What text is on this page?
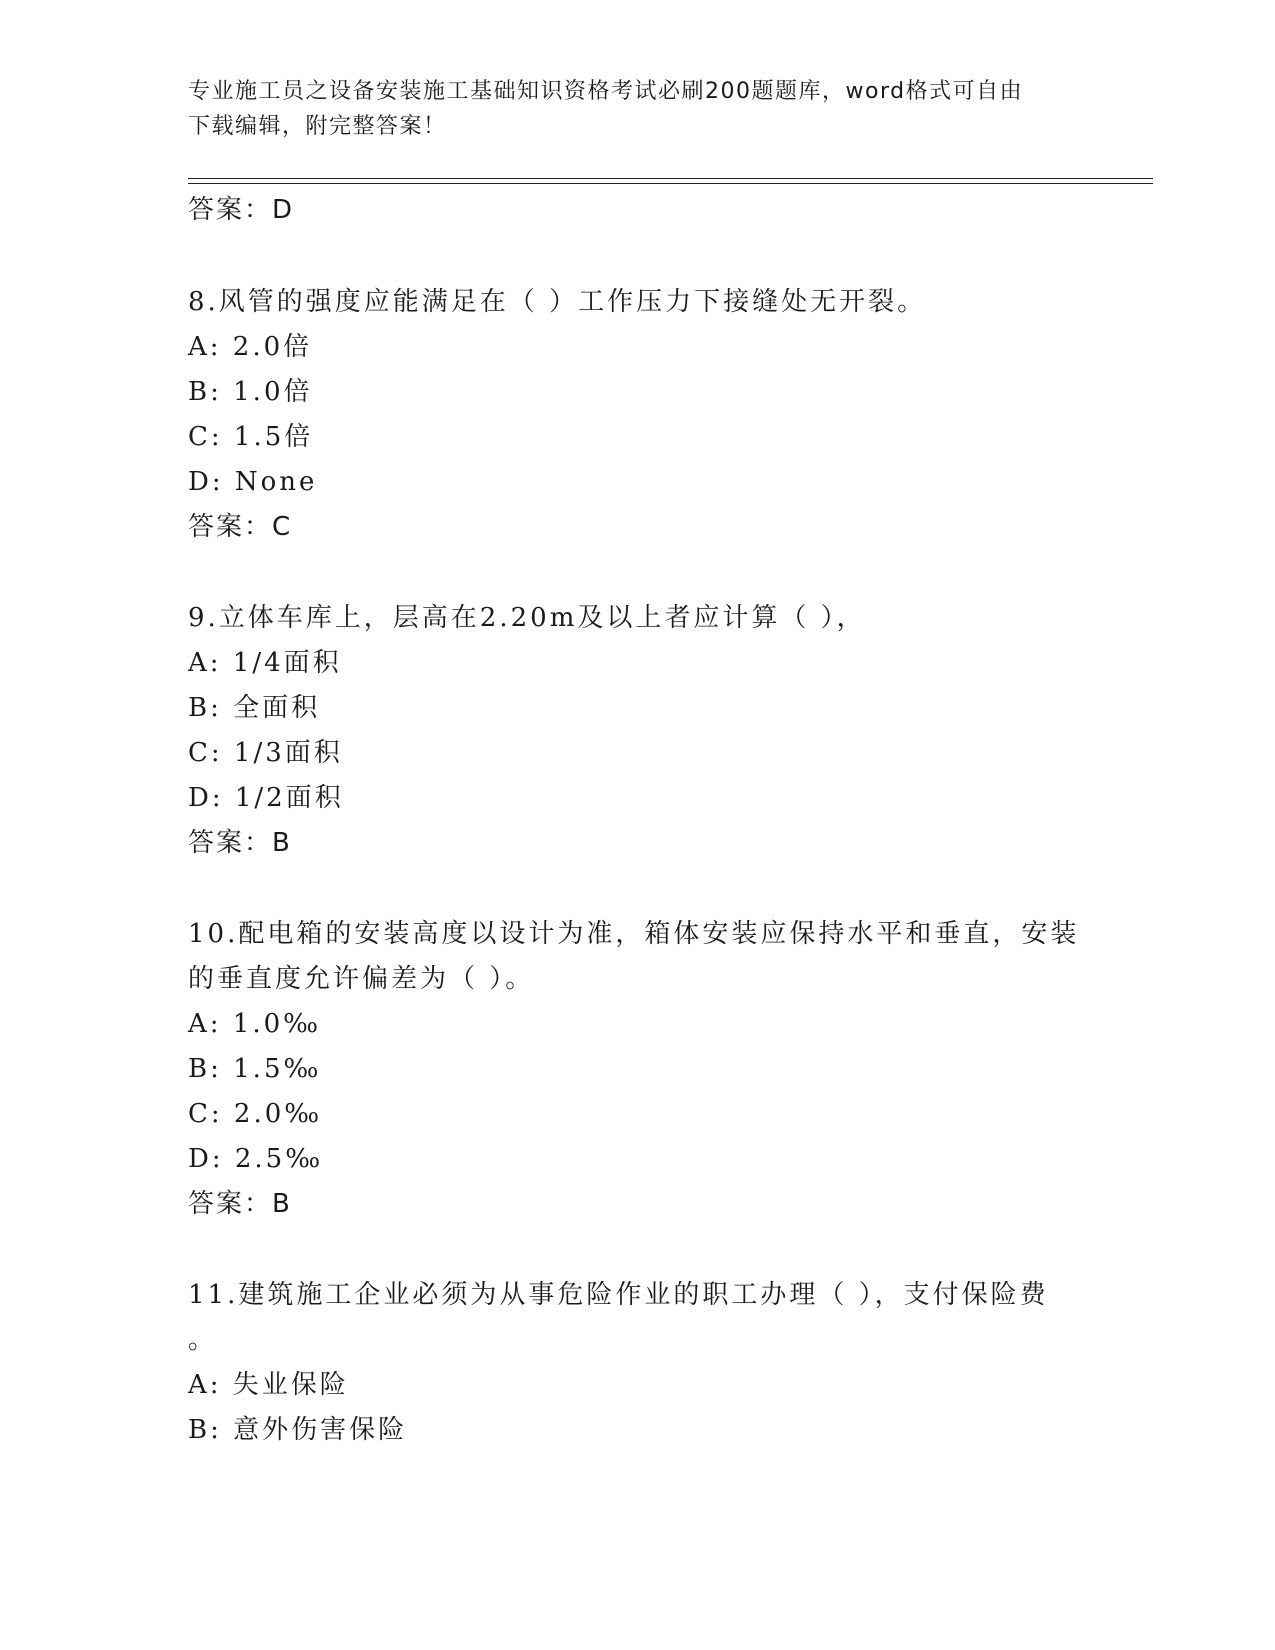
专业施工员之设备安装施工基础知识资格考试必刷200题题库，word格式可自由
下载编辑，附完整答案！
答案：D
8.风管的强度应能满足在（ ）工作压力下接缝处无开裂。
A: 2.0倍
B: 1.0倍
C: 1.5倍
D: None
答案：C
9.立体车库上，层高在2.20m及以上者应计算（ ），
A: 1/4面积
B: 全面积
C: 1/3面积
D: 1/2面积
答案：B
10.配电箱的安装高度以设计为准，箱体安装应保持水平和垂直，安装
的垂直度允许偏差为（ ）。
A: 1.0‰
B: 1.5‰
C: 2.0‰
D: 2.5‰
答案：B
11.建筑施工企业必须为从事危险作业的职工办理（ ），支付保险费
。
A: 失业保险
B: 意外伤害保险
